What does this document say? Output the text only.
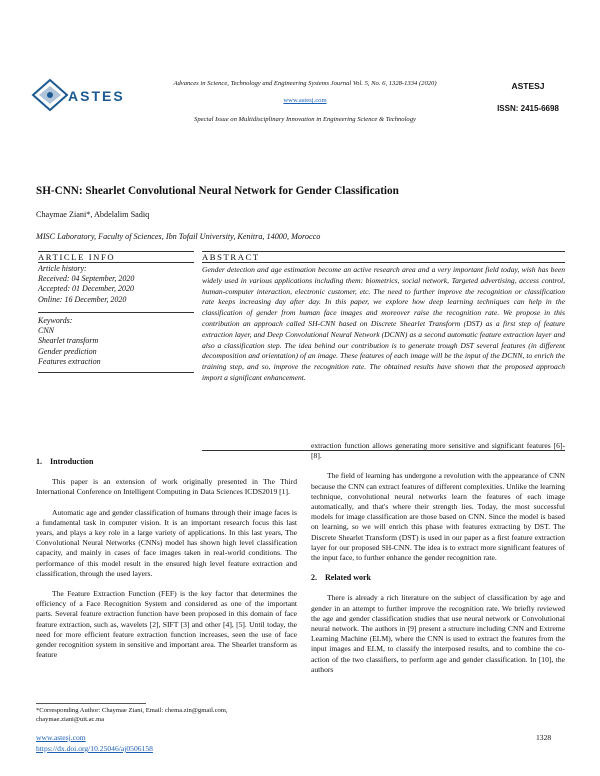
ASTES
Advances in Science, Technology and Engineering Systems Journal Vol. 5, No. 6, 1328-1334 (2020)
www.astesj.com
Special Issue on Multidisciplinary Innovation in Engineering Science & Technology
ASTESJ
ISSN: 2415-6698
SH-CNN: Shearlet Convolutional Neural Network for Gender Classification
Chaymae Ziani*, Abdelalim Sadiq
MISC Laboratory, Faculty of Sciences, Ibn Tofail University, Kenitra, 14000, Morocco
ARTICLE INFO	ABSTRACT
Article history:
Received: 04 September, 2020
Accepted: 01 December, 2020
Online: 16 December, 2020
Keywords:
CNN
Shearlet transform
Gender prediction
Features extraction
Gender detection and age estimation become an active research area and a very important field today, wish has been widely used in various applications including them: biometrics, social network, Targeted advertising, access control, human-computer interaction, electronic customer, etc. The need to further improve the recognition or classification rate keeps increasing day after day. In this paper, we explore how deep learning techniques can help in the classification of gender from human face images and moreover raise the recognition rate. We propose in this contribution an approach called SH-CNN based on Discrete Shearlet Transform (DST) as a first step of feature extraction layer, and Deep Convolutional Neural Network (DCNN) as a second automatic feature extraction layer and also a classification step. The idea behind our contribution is to generate trough DST several features (in different decomposition and orientation) of an image. These features of each image will be the input of the DCNN, to enrich the training step, and so, improve the recognition rate. The obtained results have shown that the proposed approach import a significant enhancement.
1.    Introduction

This paper is an extension of work originally presented in The Third International Conference on Intelligent Computing in Data Sciences ICDS2019 [1].

Automatic age and gender classification of humans through their image faces is a fundamental task in computer vision. It is an important research focus this last years, and plays a key role in a large variety of applications. In this last years, The Convolutional Neural Networks (CNNs) model has shown high level classification capacity, and mainly in cases of face images taken in real-world conditions. The performance of this model result in the ensured high level feature extraction and classification, through the used layers.

The Feature Extraction Function (FEF) is the key factor that determines the efficiency of a Face Recognition System and considered as one of the important parts. Several feature extraction function have been proposed in this domain of face feature extraction, such as, wavelets [2], SIFT [3] and other [4], [5]. Until today, the need for more efficient feature extraction function increases, seen the use of face gender recognition system in sensitive and important area. The Shearlet transform as feature

extraction function allows generating more sensitive and significant features [6]-[8].

The field of learning has undergone a revolution with the appearance of CNN because the CNN can extract features of different complexities. Unlike the learning technique, convolutional neural networks learn the features of each image automatically, and that's where their strength lies. Today, the most successful models for image classification are those based on CNN. Since the model is based on learning, so we will enrich this phase with features extracting by DST. The Discrete Shearlet Transform (DST) is used in our paper as a first feature extraction layer for our proposed SH-CNN. The idea is to extract more significant features of the input face, to further enhance the gender recognition rate.

2.    Related work

There is already a rich literature on the subject of classification by age and gender in an attempt to further improve the recognition rate. We briefly reviewed the age and gender classification studies that use neural network or Convolutional neural network. The authors in [9] present a structure including CNN and Extreme Learning Machine (ELM), where the CNN is used to extract the features from the input images and ELM, to classify the interposed results, and to combine the co-action of the two classifiers, to perform age and gender classification. In [10], the authors

*Corresponding Author: Chaymae Ziani, Email: chema.zin@gmail.com,
chaymae.ziani@uit.ac.ma
www.astesj.com
https://dx.doi.org/10.25046/aj0506158
1328
